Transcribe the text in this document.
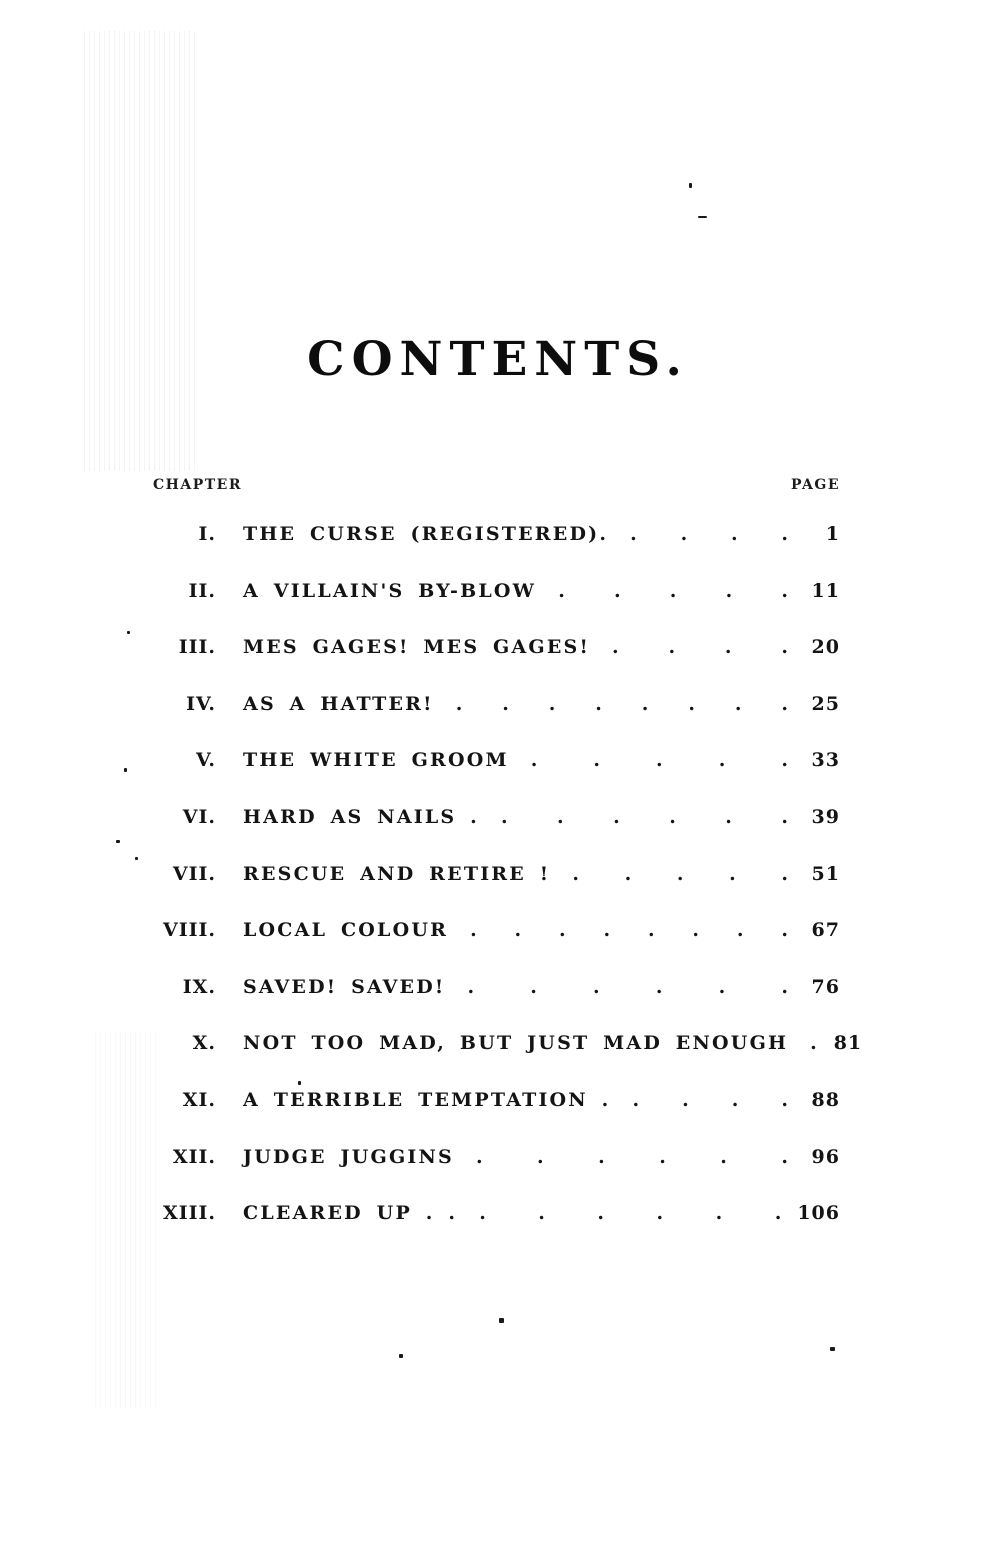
CONTENTS.
CHAPTER	PAGE
I. THE CURSE (REGISTERED).	. . . .	1
II. A VILLAIN'S BY-BLOW	. . . . .	11
III. MES GAGES! MES GAGES!	. . . .	20
IV. AS A HATTER!	. . . . . . . .	25
V. THE WHITE GROOM	. . . . .	33
VI. HARD AS NAILS .	. . . . . .	39
VII. RESCUE AND RETIRE !	. . . . .	51
VIII. LOCAL COLOUR	. . . . . . . .	67
IX. SAVED! SAVED!	. . . . . .	76
X. NOT TOO MAD, BUT JUST MAD ENOUGH	. 81
XI. A TERRIBLE TEMPTATION .	. . . .	88
XII. JUDGE JUGGINS	. . . . . .	96
XIII. CLEARED UP . .	. . . . . . 106
